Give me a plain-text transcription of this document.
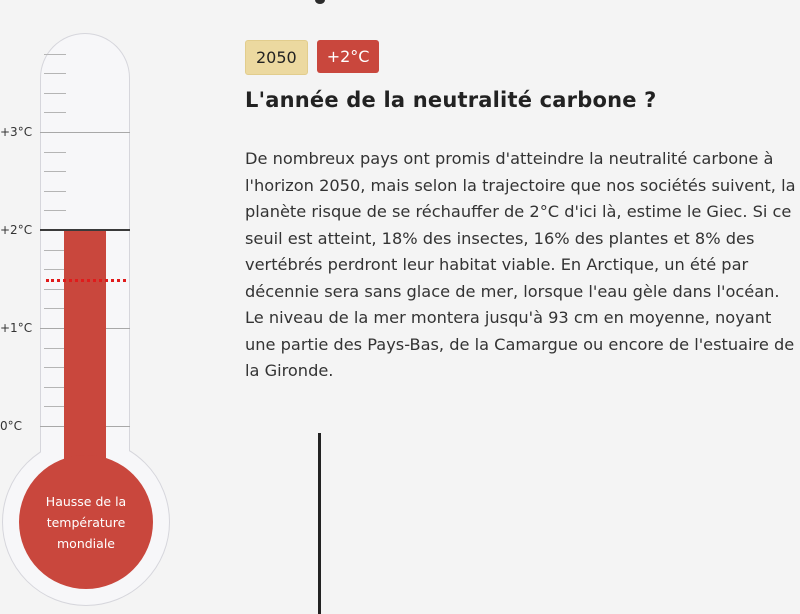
+3°C
+2°C
+1°C
0°C
Hausse de la température mondiale
2050	+2°C
L'année de la neutralité carbone ?

De nombreux pays ont promis d'atteindre la neutralité carbone à l'horizon 2050, mais selon la trajectoire que nos sociétés suivent, la planète risque de se réchauffer de 2°C d'ici là, estime le Giec. Si ce seuil est atteint, 18% des insectes, 16% des plantes et 8% des vertébrés perdront leur habitat viable. En Arctique, un été par décennie sera sans glace de mer, lorsque l'eau gèle dans l'océan. Le niveau de la mer montera jusqu'à 93 cm en moyenne, noyant une partie des Pays-Bas, de la Camargue ou encore de l'estuaire de la Gironde.
